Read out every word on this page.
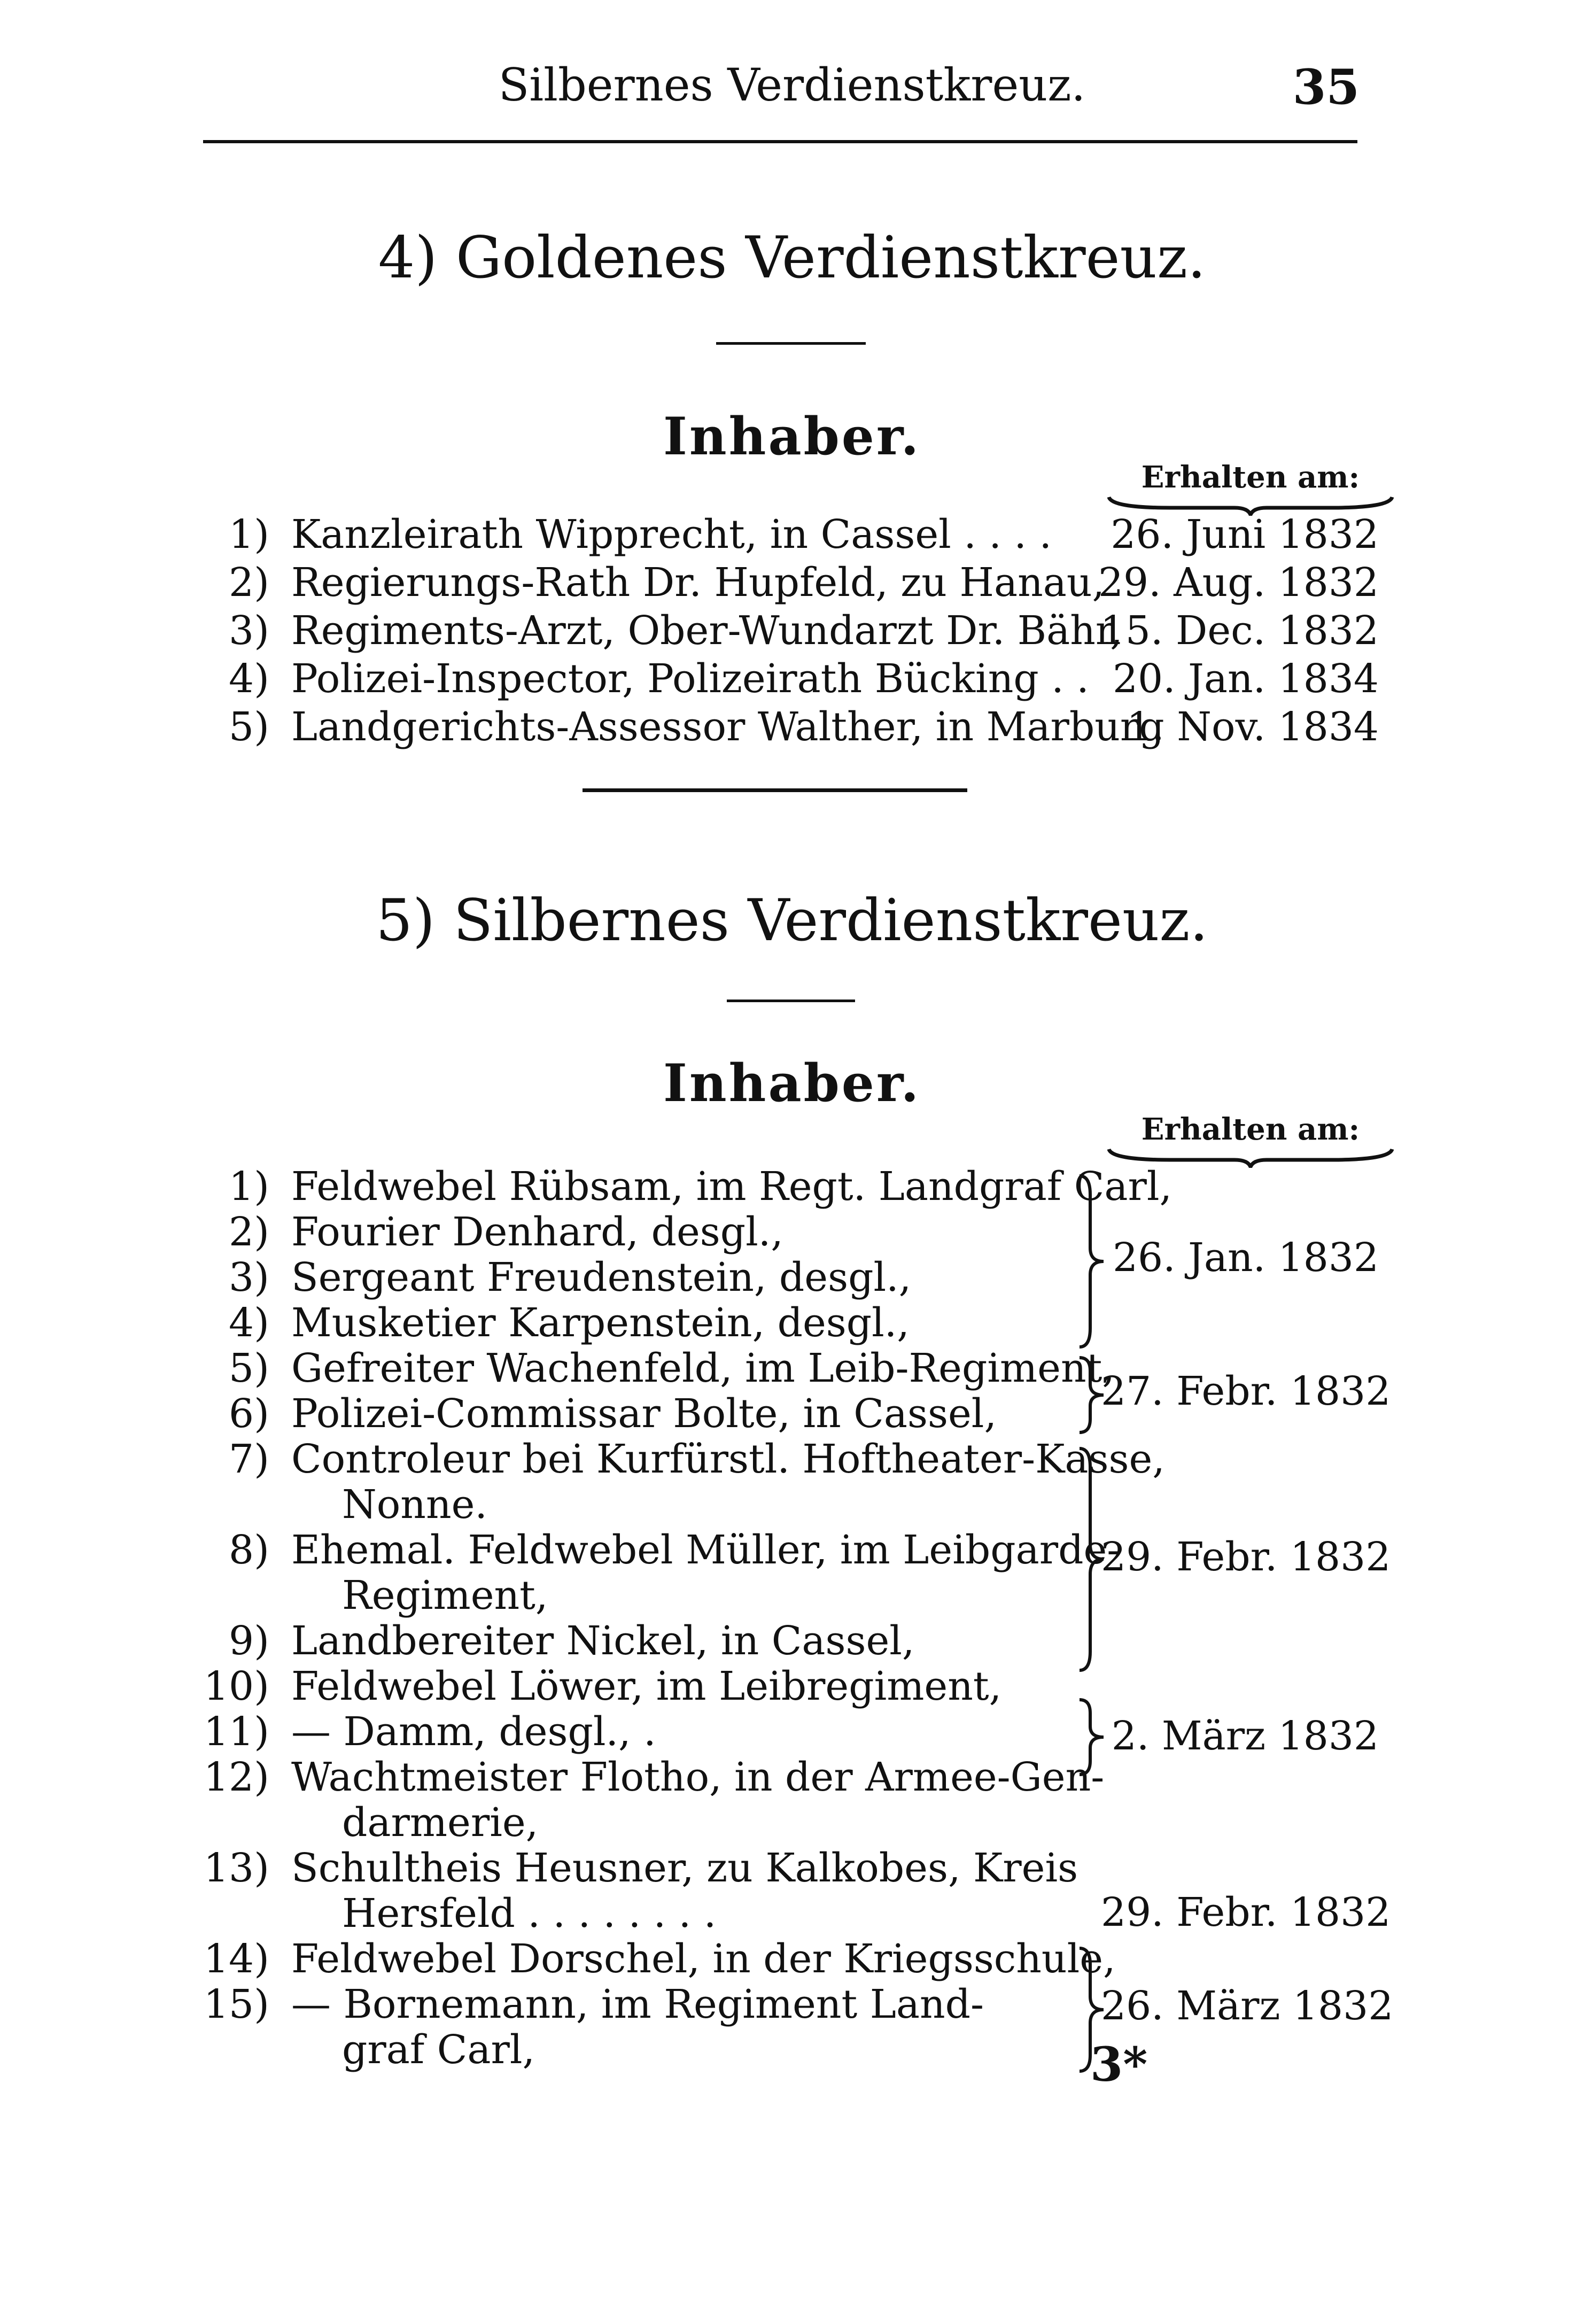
Silbernes Verdienstkreuz.	35
4) Goldenes Verdienstkreuz.
Inhaber.
Erhalten am:
1) Kanzleirath Wipprecht, in Cassel . . . .	26. Juni 1832
2) Regierungs-Rath Dr. Hupfeld, zu Hanau,
29. Aug. 1832
3) Regiments-Arzt, Ober-Wundarzt Dr. Bähr,
15. Dec. 1832
4) Polizei-Inspector, Polizeirath Bücking . . 20. Jan. 1834
5) Landgerichts-Assessor Walther, in Marburg
1. Nov. 1834
5) Silbernes Verdienstkreuz.
Inhaber.
Erhalten am:
1) Feldwebel Rübsam, im Regt. Landgraf Carl,
2) Fourier Denhard, desgl.,
3) Sergeant Freudenstein, desgl.,
4) Musketier Karpenstein, desgl.,
5) Gefreiter Wachenfeld, im Leib-Regiment,
6) Polizei-Commissar Bolte, in Cassel,
7) Controleur bei Kurfürstl. Hoftheater-Kasse,
Nonne.
8) Ehemal. Feldwebel Müller, im Leibgarde-
Regiment,
9) Landbereiter Nickel, in Cassel,
10) Feldwebel Löwer, im Leibregiment,
11) — Damm, desgl., .
12) Wachtmeister Flotho, in der Armee-Gen-
darmerie,
13) Schultheis Heusner, zu Kalkobes, Kreis
Hersfeld . . . . . . . .
14) Feldwebel Dorschel, in der Kriegsschule,
15) — Bornemann, im Regiment Land-
graf Carl,
26. Jan. 1832
27. Febr. 1832
29. Febr. 1832
2. März 1832
29. Febr. 1832
26. März 1832
3*
